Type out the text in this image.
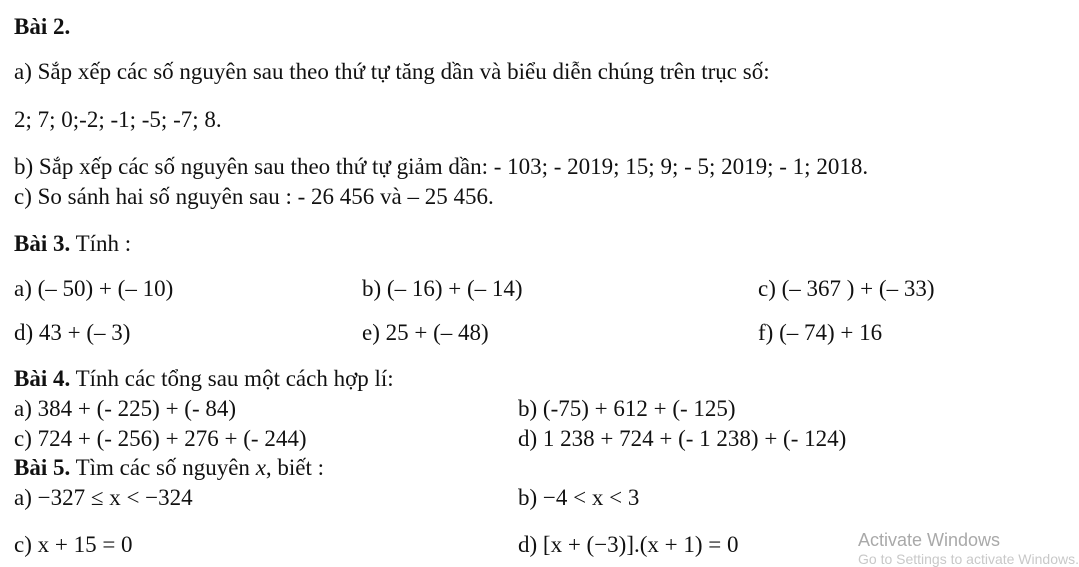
Bài 2.
a) Sắp xếp các số nguyên sau theo thứ tự tăng dần và biểu diễn chúng trên trục số:
2; 7; 0;-2; -1; -5; -7; 8.
b) Sắp xếp các số nguyên sau theo thứ tự giảm dần: - 103; - 2019; 15; 9; - 5; 2019; - 1; 2018.
c) So sánh hai số nguyên sau : - 26 456 và – 25 456.
Bài 3. Tính :
a) (– 50) + (– 10)	b) (– 16) + (– 14)	c) (– 367 ) + (– 33)
d) 43 + (– 3)	e) 25 + (– 48)	f) (– 74) + 16
Bài 4. Tính các tổng sau một cách hợp lí:
a) 384 + (- 225) + (- 84)	b) (-75) + 612 + (- 125)
c) 724 + (- 256) + 276 + (- 244)	d) 1 238 + 724 + (- 1 238) + (- 124)
Bài 5. Tìm các số nguyên x, biết :
a) −327 ≤ x < −324	b) −4 < x < 3
c) x + 15 = 0	d) [x + (−3)].(x + 1) = 0	Activate Windows
Go to Settings to activate Windows.
